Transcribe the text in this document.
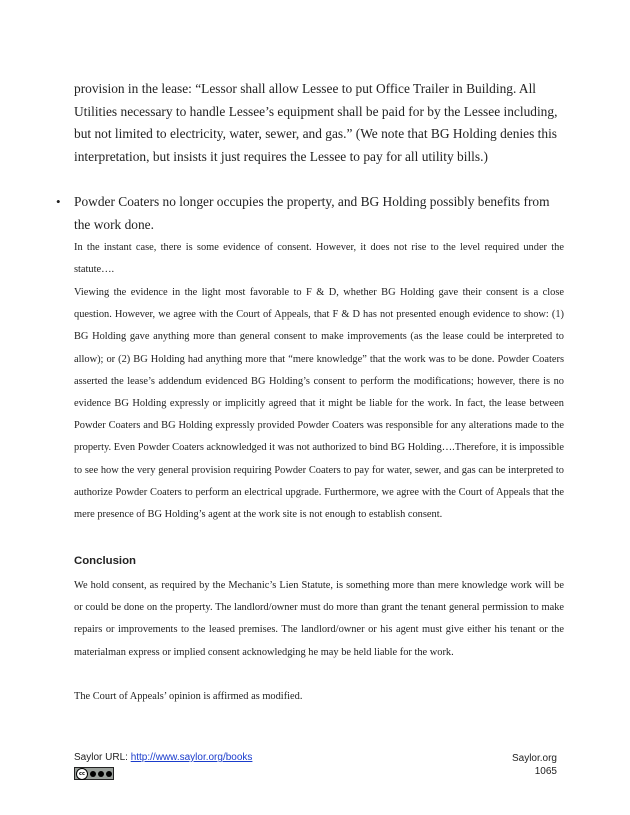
provision in the lease: “Lessor shall allow Lessee to put Office Trailer in Building. All Utilities necessary to handle Lessee’s equipment shall be paid for by the Lessee including, but not limited to electricity, water, sewer, and gas.” (We note that BG Holding denies this interpretation, but insists it just requires the Lessee to pay for all utility bills.)

• Powder Coaters no longer occupies the property, and BG Holding possibly benefits from the work done.

In the instant case, there is some evidence of consent. However, it does not rise to the level required under the statute….

Viewing the evidence in the light most favorable to F & D, whether BG Holding gave their consent is a close question. However, we agree with the Court of Appeals, that F & D has not presented enough evidence to show: (1) BG Holding gave anything more than general consent to make improvements (as the lease could be interpreted to allow); or (2) BG Holding had anything more that “mere knowledge” that the work was to be done. Powder Coaters asserted the lease’s addendum evidenced BG Holding’s consent to perform the modifications; however, there is no evidence BG Holding expressly or implicitly agreed that it might be liable for the work. In fact, the lease between Powder Coaters and BG Holding expressly provided Powder Coaters was responsible for any alterations made to the property. Even Powder Coaters acknowledged it was not authorized to bind BG Holding….Therefore, it is impossible to see how the very general provision requiring Powder Coaters to pay for water, sewer, and gas can be interpreted to authorize Powder Coaters to perform an electrical upgrade. Furthermore, we agree with the Court of Appeals that the mere presence of BG Holding’s agent at the work site is not enough to establish consent.

Conclusion

We hold consent, as required by the Mechanic’s Lien Statute, is something more than mere knowledge work will be or could be done on the property. The landlord/owner must do more than grant the tenant general permission to make repairs or improvements to the leased premises. The landlord/owner or his agent must give either his tenant or the materialman express or implied consent acknowledging he may be held liable for the work.

The Court of Appeals’ opinion is affirmed as modified.

Saylor URL: http://www.saylor.org/books
cc
Saylor.org
1065
